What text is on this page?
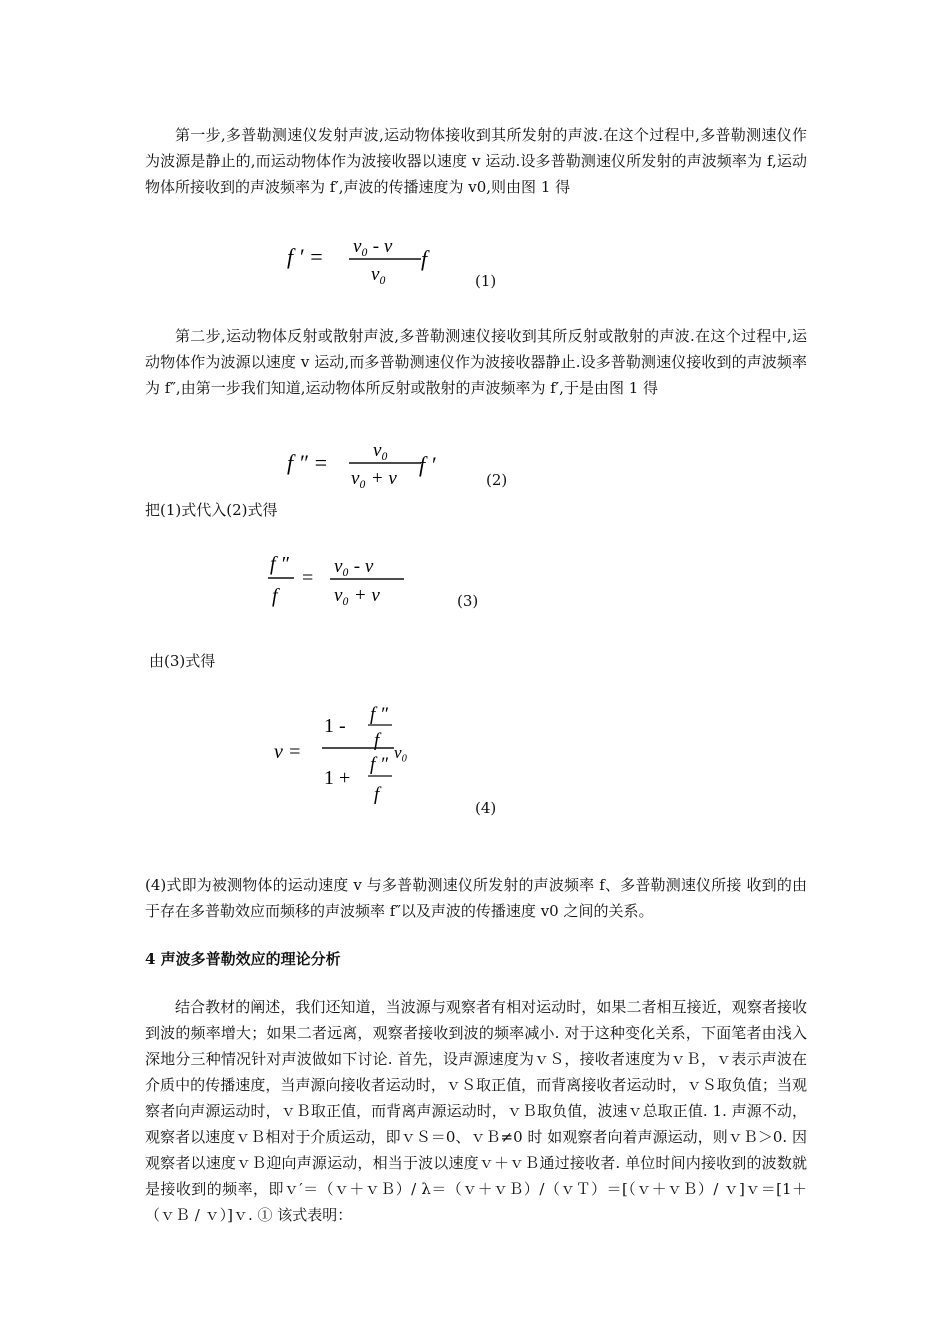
第一步,多普勒测速仪发射声波,运动物体接收到其所发射的声波.在这个过程中,多普勒测速仪作为波源是静止的,而运动物体作为波接收器以速度 v 运动.设多普勒测速仪所发射的声波频率为 f,运动物体所接收到的声波频率为 f′,声波的传播速度为 v0,则由图 1 得

f ′ = v₀ - v
v₀
f
(1)

第二步,运动物体反射或散射声波,多普勒测速仪接收到其所反射或散射的声波.在这个过程中,运动物体作为波源以速度 v 运动,而多普勒测速仪作为波接收器静止.设多普勒测速仪接收到的声波频率为 f″,由第一步我们知道,运动物体所反射或散射的声波频率为 f′,于是由图 1 得

f ″ = v₀
v₀ + v
f ′
(2)

把(1)式代入(2)式得

f ″
f
=
v₀ - v
v₀ + v	(3)

由(3)式得

v =
1 -
f ″
f
1 +
f ″
f
v₀
(4)

(4)式即为被测物体的运动速度 v 与多普勒测速仪所发射的声波频率 f、多普勒测速仪所接 收到的由于存在多普勒效应而频移的声波频率 f″以及声波的传播速度 v0 之间的关系。

4 声波多普勒效应的理论分析

结合教材的阐述，我们还知道，当波源与观察者有相对运动时，如果二者相互接近，观察者接收到波的频率增大；如果二者远离，观察者接收到波的频率减小. 对于这种变化关系，下面笔者由浅入深地分三种情况针对声波做如下讨论. 首先，设声源速度为ｖＳ，接收者速度为ｖＢ，ｖ表示声波在介质中的传播速度，当声源向接收者运动时，ｖＳ取正值，而背离接收者运动时，ｖＳ取负值；当观察者向声源运动时，ｖＢ取正值，而背离声源运动时，ｖＢ取负值，波速ｖ总取正值. 1. 声源不动，观察者以速度ｖＢ相对于介质运动，即ｖＳ＝0、ｖＢ≠0 时 如观察者向着声源运动，则ｖＢ＞0. 因观察者以速度ｖＢ迎向声源运动，相当于波以速度ｖ＋ｖＢ通过接收者. 单位时间内接收到的波数就是接收到的频率，即ｖ′＝（ｖ＋ｖＢ）/ λ＝（ｖ＋ｖＢ）/（ｖＴ）＝[（ｖ＋ｖＢ）/ ｖ]ｖ＝[1＋（ｖＢ / ｖ）]ｖ. ① 该式表明：
